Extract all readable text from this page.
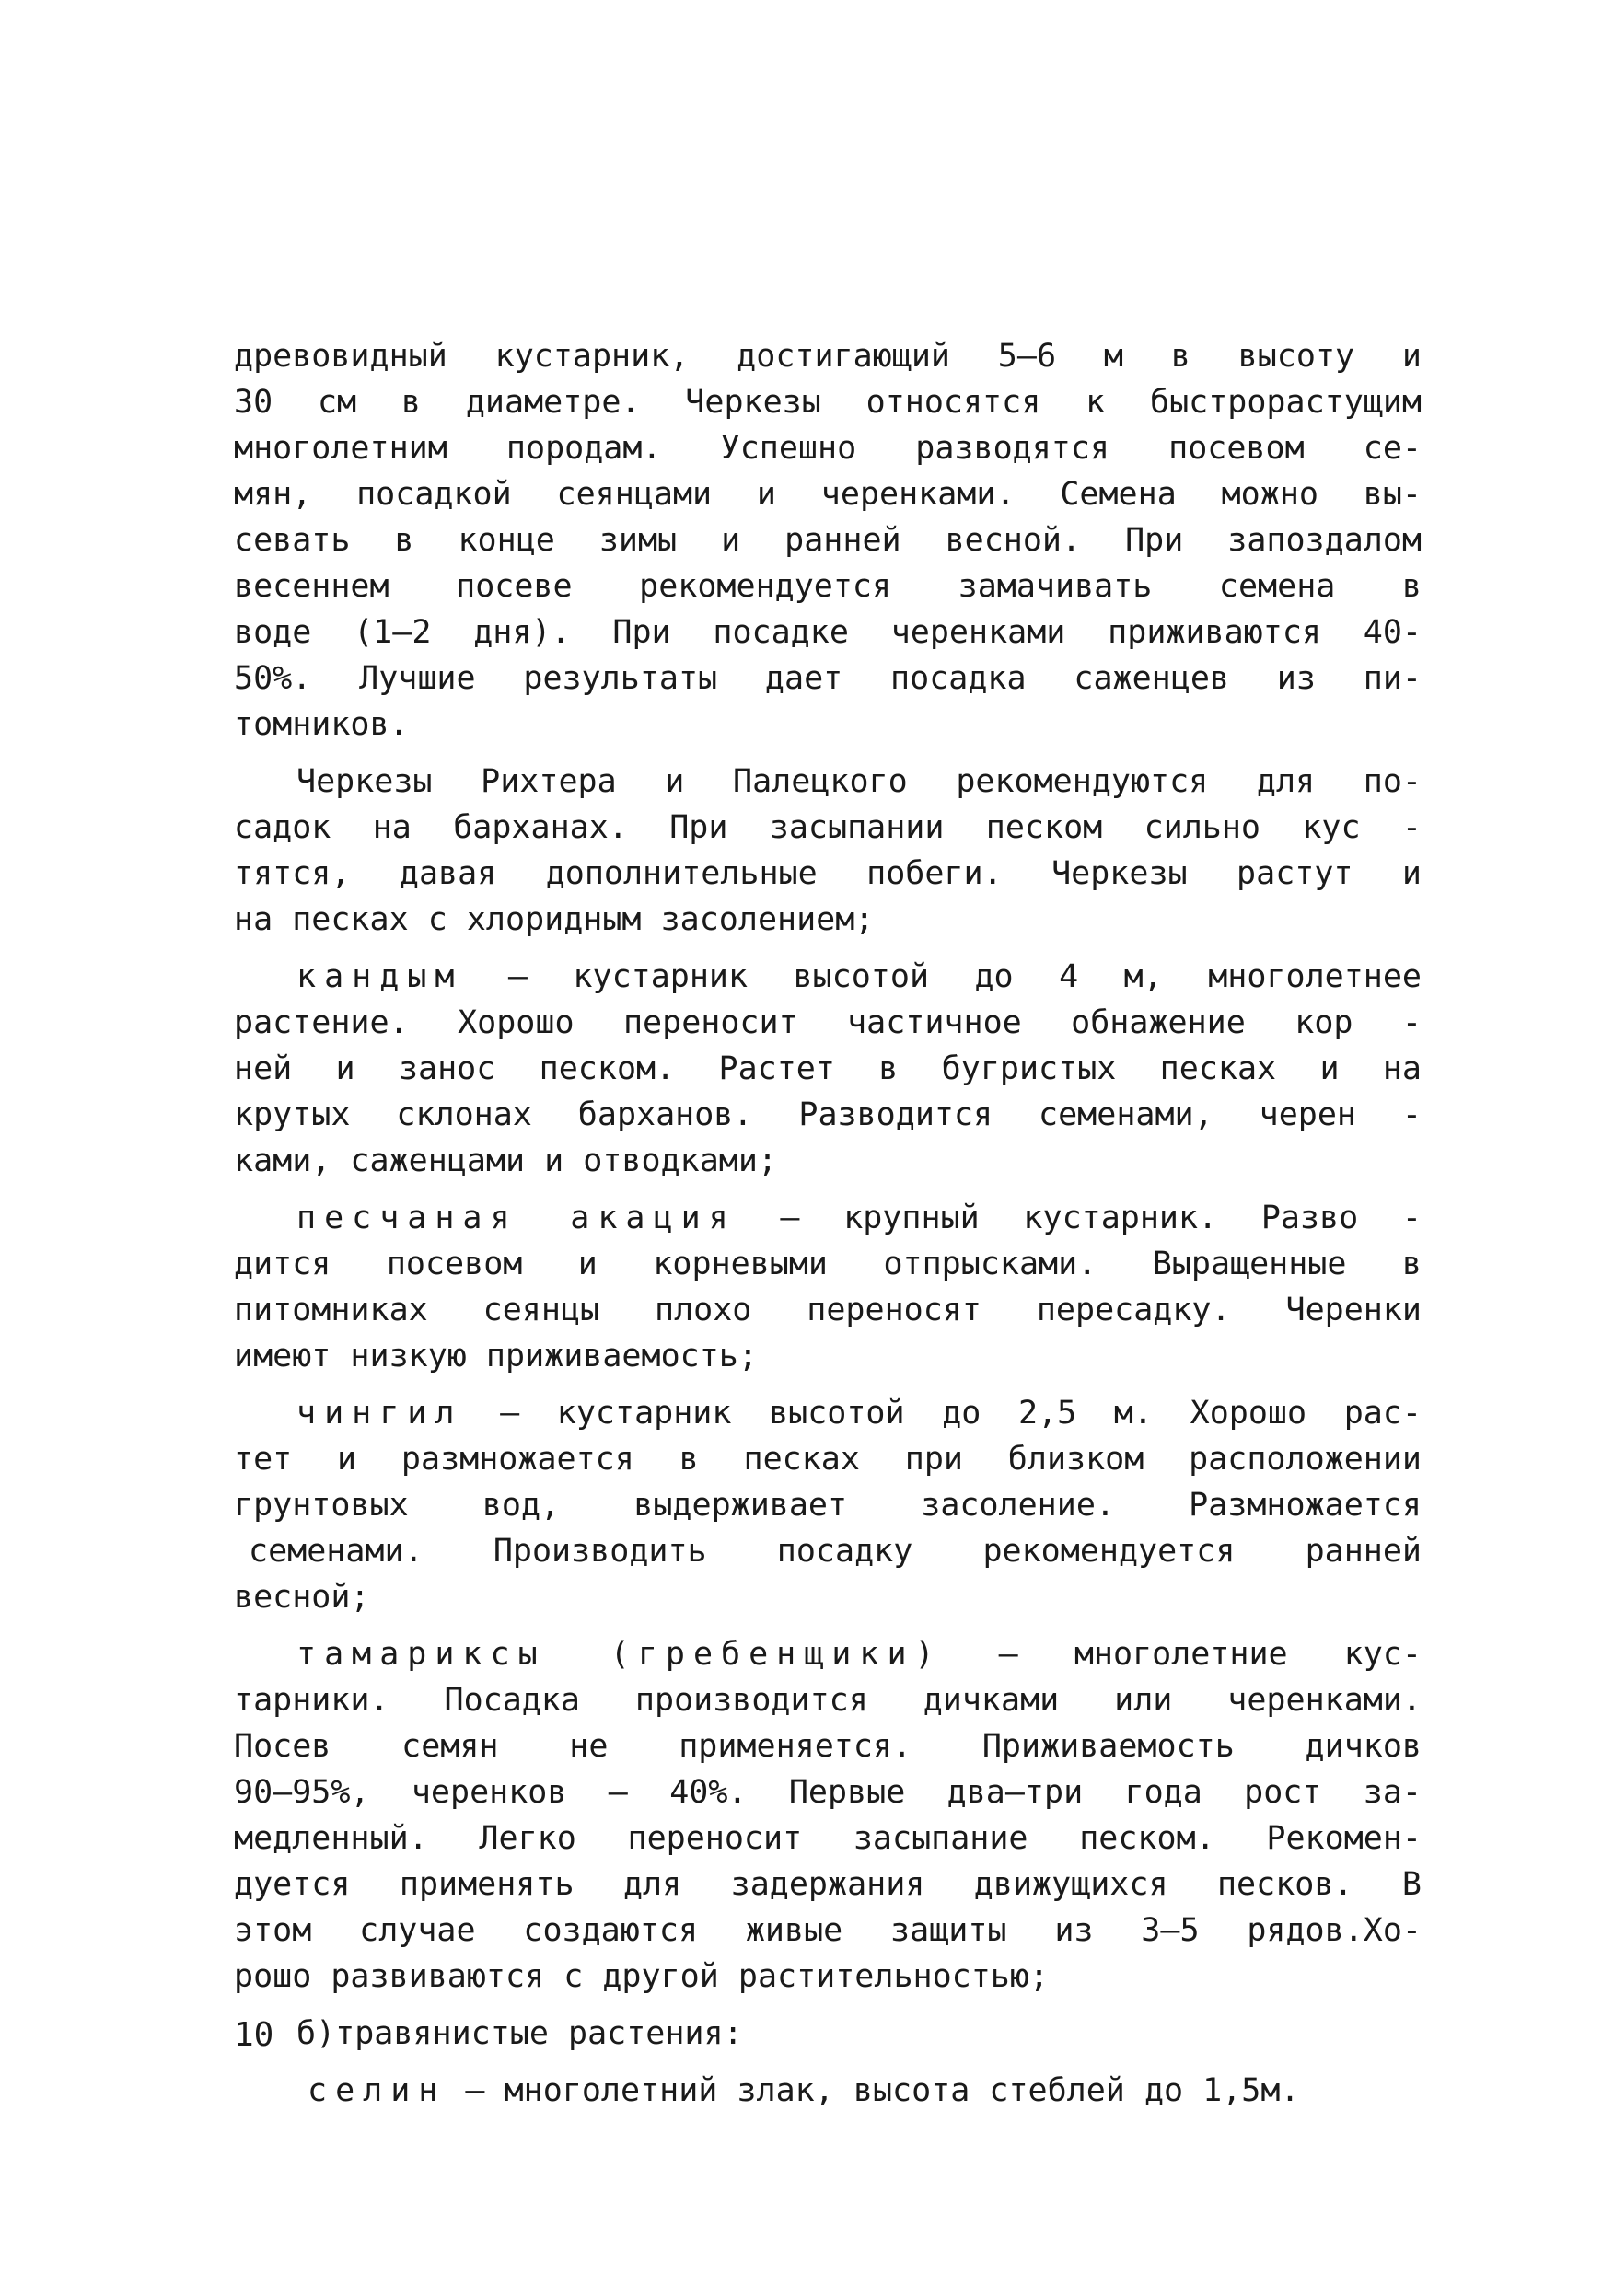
древовидный кустарник, достигающий 5–6 м в высоту и
30 см в диаметре. Черкезы относятся к быстрорастущим
многолетним породам. Успешно разводятся посевом се-
мян, посадкой сеянцами и черенками. Семена можно вы-
севать в конце зимы и ранней весной. При запоздалом
весеннем посеве рекомендуется замачивать семена в
воде (1–2 дня). При посадке черенками приживаются 40-
50%. Лучшие результаты дает посадка саженцев из пи-
томников.
Черкезы Рихтера и Палецкого рекомендуются для по-
садок на барханах. При засыпании песком сильно кус -
тятся, давая дополнительные побеги. Черкезы растут и
на песках с хлоридным засолением;
кандым – кустарник высотой до 4 м, многолетнее
растение. Хорошо переносит частичное обнажение кор -
ней и занос песком. Растет в бугристых песках и на
крутых склонах барханов. Разводится семенами, черен -
ками, саженцами и отводками;
песчаная акация – крупный кустарник. Разво -
дится посевом и корневыми отпрысками. Выращенные в
питомниках сеянцы плохо переносят пересадку. Черенки
имеют низкую приживаемость;
чингил – кустарник высотой до 2,5 м. Хорошо рас-
тет и размножается в песках при близком расположении
грунтовых вод, выдерживает засоление. Размножается
семенами. Производить посадку рекомендуется ранней
весной;
тамариксы (гребенщики) – многолетние кус-
тарники. Посадка производится дичками или черенками.
Посев семян не применяется. Приживаемость дичков
90–95%, черенков – 40%. Первые два–три года рост за-
медленный. Легко переносит засыпание песком. Рекомен-
дуется применять для задержания движущихся песков. В
этом случае создаются живые защиты из 3–5 рядов.Хо-
рошо развиваются с другой растительностью;
б)травянистые растения:
селин – многолетний злак, высота стеблей до 1,5м.
10
